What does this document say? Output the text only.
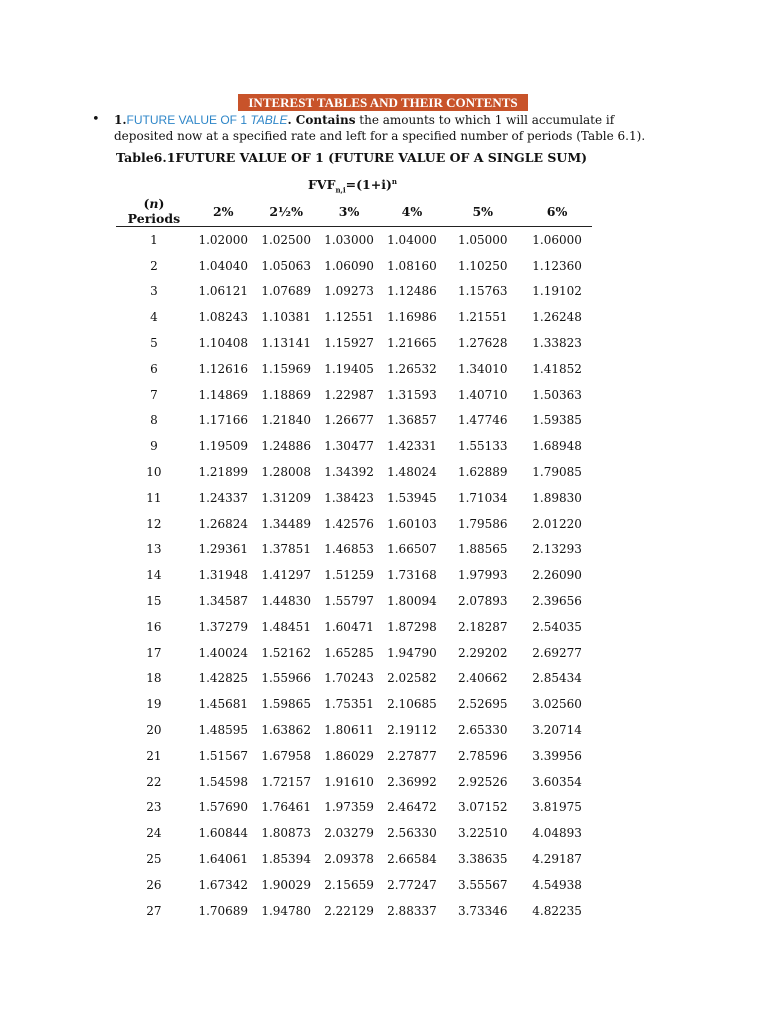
INTEREST TABLES AND THEIR CONTENTS
• 1.FUTURE VALUE OF 1 TABLE. Contains the amounts to which 1 will accumulate if deposited now at a specified rate and left for a specified number of periods (Table 6.1).
Table6.1FUTURE VALUE OF 1 (FUTURE VALUE OF A SINGLE SUM)
$FVF_{n,i}=(1+i)^n$
(n) Periods	2%	2½%	3%	4%	5%	6%
1	1.02000	1.02500	1.03000	1.04000	1.05000	1.06000
2	1.04040	1.05063	1.06090	1.08160	1.10250	1.12360
3	1.06121	1.07689	1.09273	1.12486	1.15763	1.19102
4	1.08243	1.10381	1.12551	1.16986	1.21551	1.26248
5	1.10408	1.13141	1.15927	1.21665	1.27628	1.33823
6	1.12616	1.15969	1.19405	1.26532	1.34010	1.41852
7	1.14869	1.18869	1.22987	1.31593	1.40710	1.50363
8	1.17166	1.21840	1.26677	1.36857	1.47746	1.59385
9	1.19509	1.24886	1.30477	1.42331	1.55133	1.68948
10	1.21899	1.28008	1.34392	1.48024	1.62889	1.79085
11	1.24337	1.31209	1.38423	1.53945	1.71034	1.89830
12	1.26824	1.34489	1.42576	1.60103	1.79586	2.01220
13	1.29361	1.37851	1.46853	1.66507	1.88565	2.13293
14	1.31948	1.41297	1.51259	1.73168	1.97993	2.26090
15	1.34587	1.44830	1.55797	1.80094	2.07893	2.39656
16	1.37279	1.48451	1.60471	1.87298	2.18287	2.54035
17	1.40024	1.52162	1.65285	1.94790	2.29202	2.69277
18	1.42825	1.55966	1.70243	2.02582	2.40662	2.85434
19	1.45681	1.59865	1.75351	2.10685	2.52695	3.02560
20	1.48595	1.63862	1.80611	2.19112	2.65330	3.20714
21	1.51567	1.67958	1.86029	2.27877	2.78596	3.39956
22	1.54598	1.72157	1.91610	2.36992	2.92526	3.60354
23	1.57690	1.76461	1.97359	2.46472	3.07152	3.81975
24	1.60844	1.80873	2.03279	2.56330	3.22510	4.04893
25	1.64061	1.85394	2.09378	2.66584	3.38635	4.29187
26	1.67342	1.90029	2.15659	2.77247	3.55567	4.54938
27	1.70689	1.94780	2.22129	2.88337	3.73346	4.82235
